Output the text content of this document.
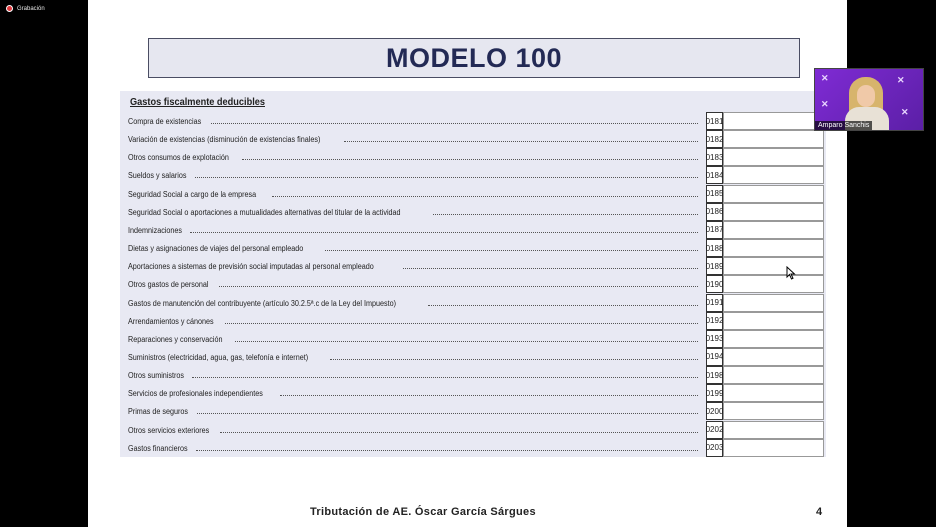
Grabación
MODELO 100
Gastos fiscalmente deducibles
Compra de existencias	0181
Variación de existencias (disminución de existencias finales)	0182
Otros consumos de explotación	0183
Sueldos y salarios	0184
Seguridad Social a cargo de la empresa	0185
Seguridad Social o aportaciones a mutualidades alternativas del titular de la actividad	0186
Indemnizaciones	0187
Dietas y asignaciones de viajes del personal empleado	0188
Aportaciones a sistemas de previsión social imputadas al personal empleado	0189
Otros gastos de personal	0190
Gastos de manutención del contribuyente (artículo 30.2.5ª.c de la Ley del Impuesto)	0191
Arrendamientos y cánones	0192
Reparaciones y conservación	0193
Suministros (electricidad, agua, gas, telefonía e internet)	0194
Otros suministros	0198
Servicios de profesionales independientes	0199
Primas de seguros	0200
Otros servicios exteriores	0202
Gastos financieros	0203
Tributación de AE. Óscar García Sárgues	4
✕	✕
✕
✕
Amparo Sanchis
